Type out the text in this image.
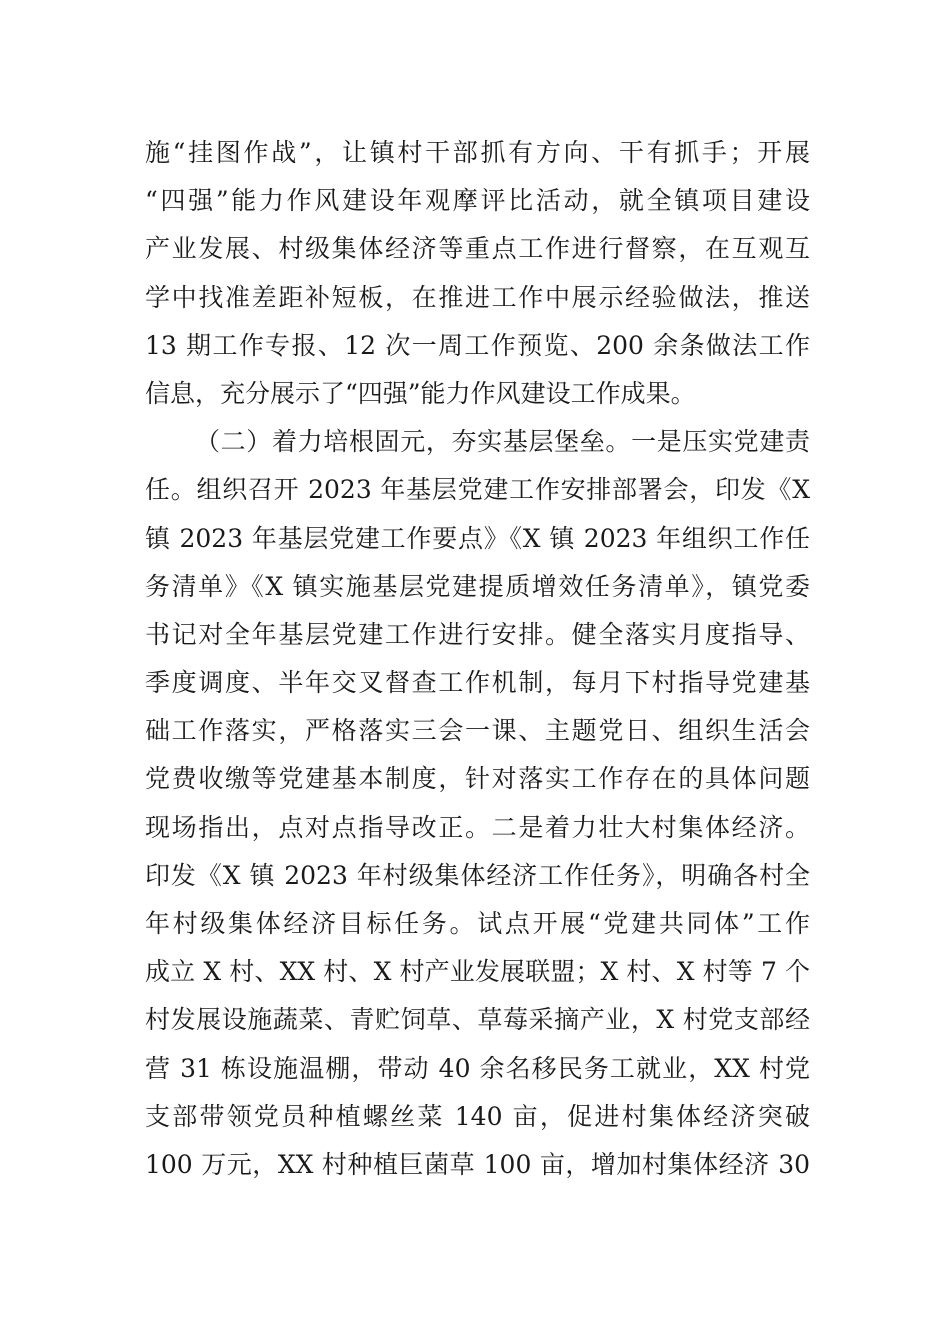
施“挂图作战”，让镇村干部抓有方向、干有抓手；开展
“四强”能力作风建设年观摩评比活动，就全镇项目建设
产业发展、村级集体经济等重点工作进行督察，在互观互
学中找准差距补短板，在推进工作中展示经验做法，推送
13 期工作专报、12 次一周工作预览、200 余条做法工作
信息，充分展示了“四强”能力作风建设工作成果。
（二）着力培根固元，夯实基层堡垒。一是压实党建责
任。组织召开 2023 年基层党建工作安排部署会，印发《X
镇 2023 年基层党建工作要点》《X 镇 2023 年组织工作任
务清单》《X 镇实施基层党建提质增效任务清单》，镇党委
书记对全年基层党建工作进行安排。健全落实月度指导、
季度调度、半年交叉督查工作机制，每月下村指导党建基
础工作落实，严格落实三会一课、主题党日、组织生活会
党费收缴等党建基本制度，针对落实工作存在的具体问题
现场指出，点对点指导改正。二是着力壮大村集体经济。
印发《X 镇 2023 年村级集体经济工作任务》，明确各村全
年村级集体经济目标任务。试点开展“党建共同体”工作
成立 X 村、XX 村、X 村产业发展联盟；X 村、X 村等 7 个
村发展设施蔬菜、青贮饲草、草莓采摘产业，X 村党支部经
营 31 栋设施温棚，带动 40 余名移民务工就业，XX 村党
支部带领党员种植螺丝菜 140 亩，促进村集体经济突破
100 万元，XX 村种植巨菌草 100 亩，增加村集体经济 30
